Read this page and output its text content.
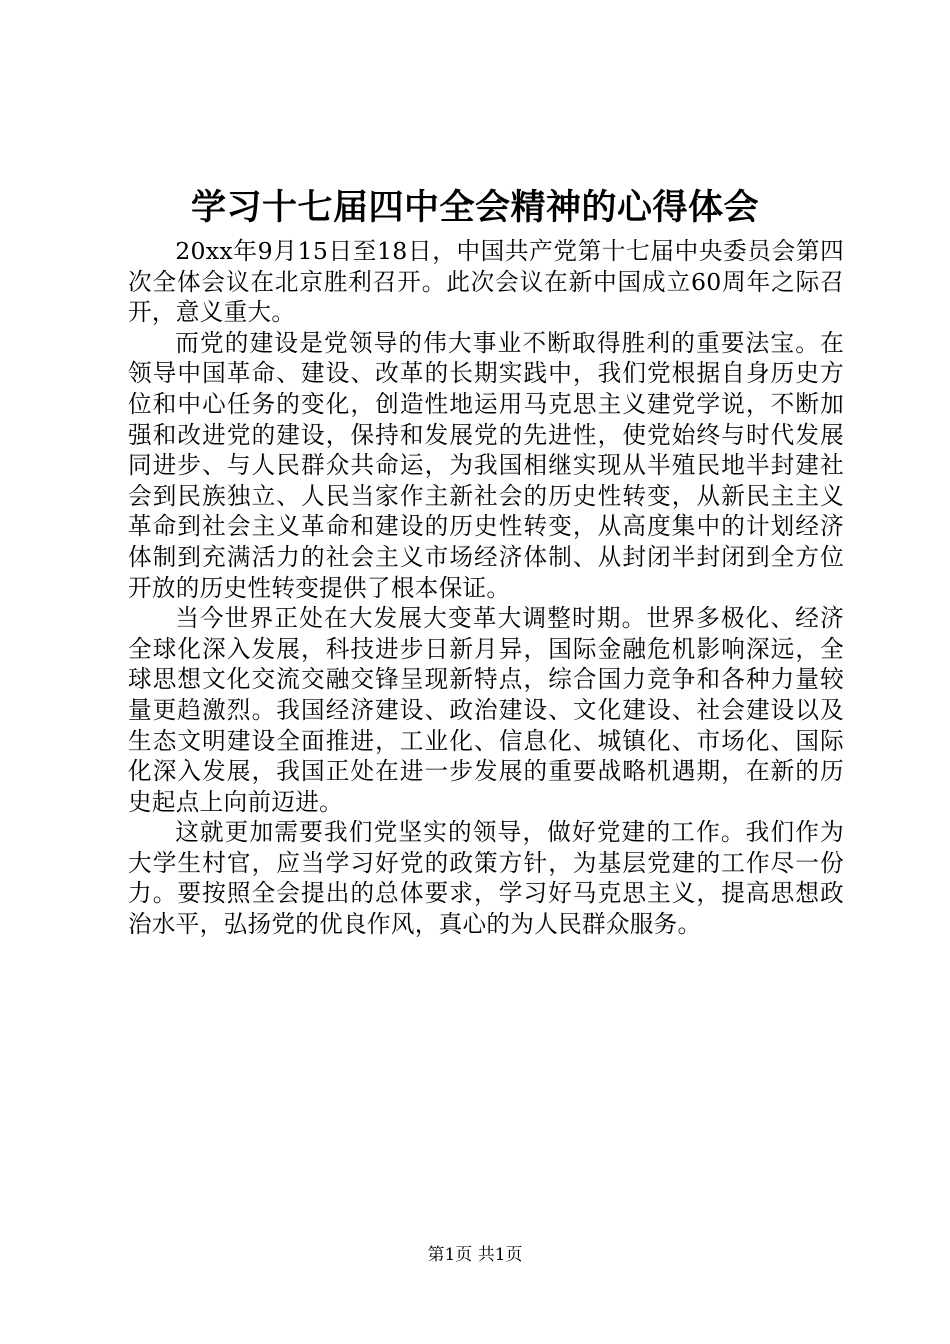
学习十七届四中全会精神的心得体会

20xx年9月15日至18日，中国共产党第十七届中央委员会第四次全体会议在北京胜利召开。此次会议在新中国成立60周年之际召开，意义重大。

而党的建设是党领导的伟大事业不断取得胜利的重要法宝。在领导中国革命、建设、改革的长期实践中，我们党根据自身历史方位和中心任务的变化，创造性地运用马克思主义建党学说，不断加强和改进党的建设，保持和发展党的先进性，使党始终与时代发展同进步、与人民群众共命运，为我国相继实现从半殖民地半封建社会到民族独立、人民当家作主新社会的历史性转变，从新民主主义革命到社会主义革命和建设的历史性转变，从高度集中的计划经济体制到充满活力的社会主义市场经济体制、从封闭半封闭到全方位开放的历史性转变提供了根本保证。

当今世界正处在大发展大变革大调整时期。世界多极化、经济全球化深入发展，科技进步日新月异，国际金融危机影响深远，全球思想文化交流交融交锋呈现新特点，综合国力竞争和各种力量较量更趋激烈。我国经济建设、政治建设、文化建设、社会建设以及生态文明建设全面推进，工业化、信息化、城镇化、市场化、国际化深入发展，我国正处在进一步发展的重要战略机遇期，在新的历史起点上向前迈进。

这就更加需要我们党坚实的领导，做好党建的工作。我们作为大学生村官，应当学习好党的政策方针，为基层党建的工作尽一份力。要按照全会提出的总体要求，学习好马克思主义，提高思想政治水平，弘扬党的优良作风，真心的为人民群众服务。

第1页 共1页
